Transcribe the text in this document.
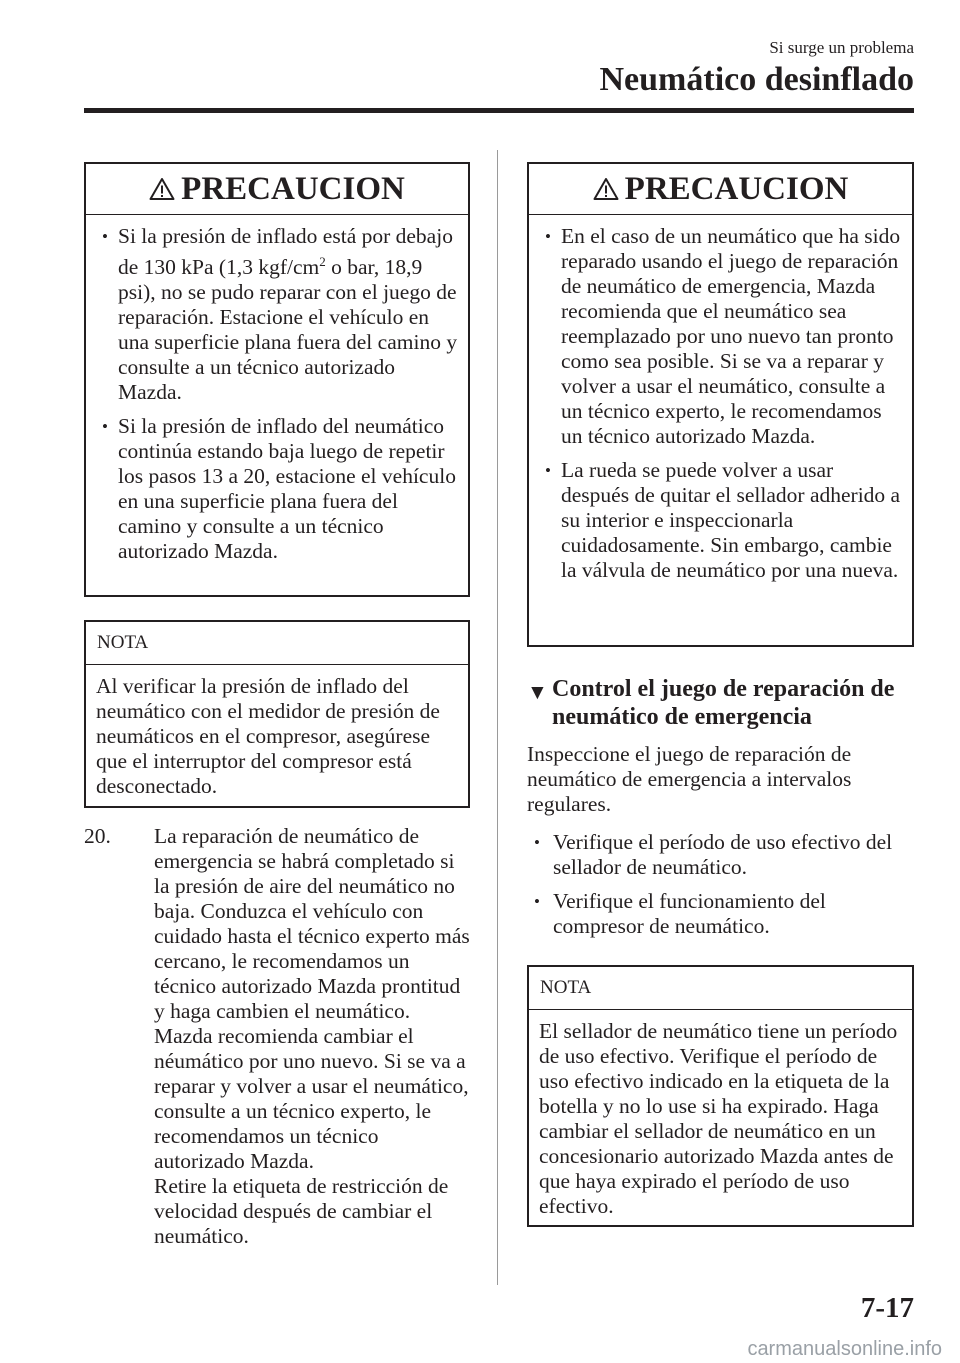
Si surge un problema
Neumático desinflado
PRECAUCION

• Si la presión de inflado está por debajo de 130 kPa (1,3 kgf/$cm^2$ o bar, 18,9 psi), no se pudo reparar con el juego de reparación. Estacione el vehículo en una superficie plana fuera del camino y consulte a un técnico autorizado Mazda.

• Si la presión de inflado del neumático continúa estando baja luego de repetir los pasos 13 a 20, estacione el vehículo en una superficie plana fuera del camino y consulte a un técnico autorizado Mazda.

NOTA
Al verificar la presión de inflado del neumático con el medidor de presión de neumáticos en el compresor, asegúrese que el interruptor del compresor está desconectado.
20. La reparación de neumático de emergencia se habrá completado si la presión de aire del neumático no baja. Conduzca el vehículo con cuidado hasta el técnico experto más cercano, le recomendamos un técnico autorizado Mazda prontitud y haga cambien el neumático. Mazda recomienda cambiar el néumático por uno nuevo. Si se va a reparar y volver a usar el neumático, consulte a un técnico experto, le recomendamos un técnico autorizado Mazda.
Retire la etiqueta de restricción de velocidad después de cambiar el neumático.
PRECAUCION

• En el caso de un neumático que ha sido reparado usando el juego de reparación de neumático de emergencia, Mazda recomienda que el neumático sea reemplazado por uno nuevo tan pronto como sea posible. Si se va a reparar y volver a usar el neumático, consulte a un técnico experto, le recomendamos un técnico autorizado Mazda.

• La rueda se puede volver a usar después de quitar el sellador adherido a su interior e inspeccionarla cuidadosamente. Sin embargo, cambie la válvula de neumático por una nueva.

▼ Control el juego de reparación de neumático de emergencia
Inspeccione el juego de reparación de neumático de emergencia a intervalos regulares.

• Verifique el período de uso efectivo del sellador de neumático.

• Verifique el funcionamiento del compresor de neumático.

NOTA
El sellador de neumático tiene un período de uso efectivo. Verifique el período de uso efectivo indicado en la etiqueta de la botella y no lo use si ha expirado. Haga cambiar el sellador de neumático en un concesionario autorizado Mazda antes de que haya expirado el período de uso efectivo.
7-17
carmanualsonline.info
